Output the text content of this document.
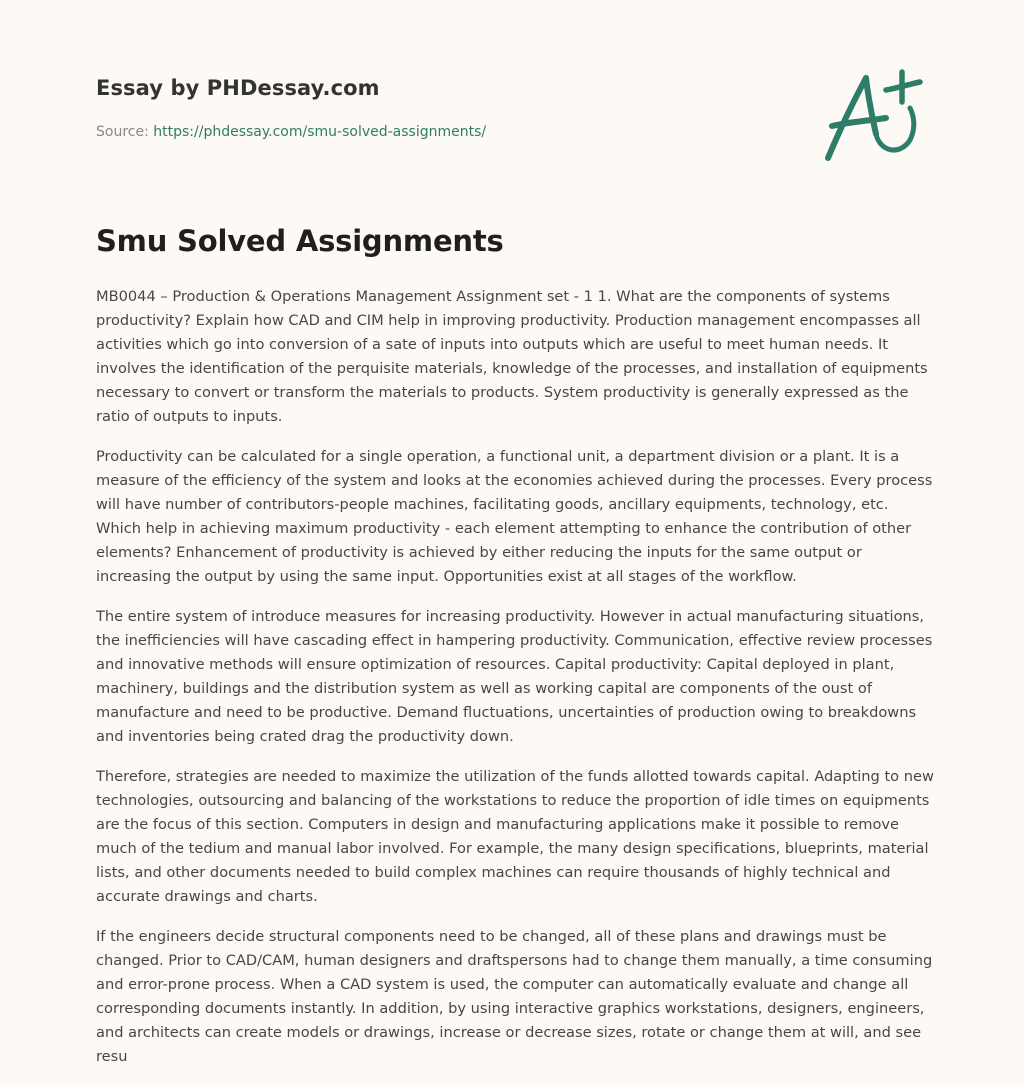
Essay by PHDessay.com
Source: https://phdessay.com/smu-solved-assignments/
Smu Solved Assignments

MB0044 – Production & Operations Management Assignment set - 1 1. What are the components of systems productivity? Explain how CAD and CIM help in improving productivity. Production management encompasses all activities which go into conversion of a sate of inputs into outputs which are useful to meet human needs. It involves the identification of the perquisite materials, knowledge of the processes, and installation of equipments necessary to convert or transform the materials to products. System productivity is generally expressed as the ratio of outputs to inputs.

Productivity can be calculated for a single operation, a functional unit, a department division or a plant. It is a measure of the efficiency of the system and looks at the economies achieved during the processes. Every process will have number of contributors-people machines, facilitating goods, ancillary equipments, technology, etc. Which help in achieving maximum productivity - each element attempting to enhance the contribution of other elements? Enhancement of productivity is achieved by either reducing the inputs for the same output or increasing the output by using the same input. Opportunities exist at all stages of the workflow.

The entire system of introduce measures for increasing productivity. However in actual manufacturing situations, the inefficiencies will have cascading effect in hampering productivity. Communication, effective review processes and innovative methods will ensure optimization of resources. Capital productivity: Capital deployed in plant, machinery, buildings and the distribution system as well as working capital are components of the oust of manufacture and need to be productive. Demand fluctuations, uncertainties of production owing to breakdowns and inventories being crated drag the productivity down.

Therefore, strategies are needed to maximize the utilization of the funds allotted towards capital. Adapting to new technologies, outsourcing and balancing of the workstations to reduce the proportion of idle times on equipments are the focus of this section. Computers in design and manufacturing applications make it possible to remove much of the tedium and manual labor involved. For example, the many design specifications, blueprints, material lists, and other documents needed to build complex machines can require thousands of highly technical and accurate drawings and charts.

If the engineers decide structural components need to be changed, all of these plans and drawings must be changed. Prior to CAD/CAM, human designers and draftspersons had to change them manually, a time consuming and error-prone process. When a CAD system is used, the computer can automatically evaluate and change all corresponding documents instantly. In addition, by using interactive graphics workstations, designers, engineers, and architects can create models or drawings, increase or decrease sizes, rotate or change them at will, and see resu
